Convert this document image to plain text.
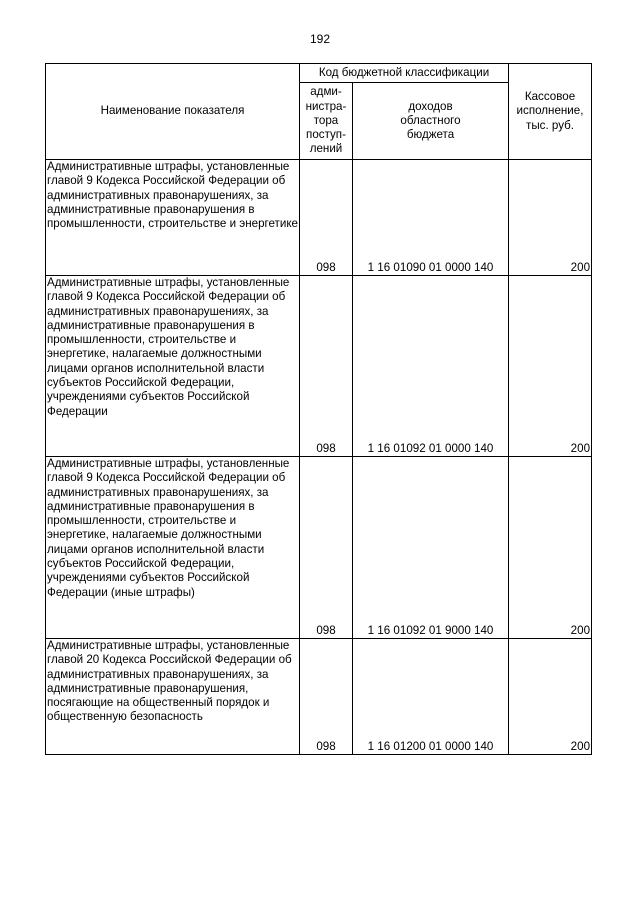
192
Наименование показателя	Код бюджетной классификации		Кассовое исполнение, тыс. руб.
	адми-нистра-тора поступ-лений	доходов областного бюджета	
Административные штрафы, установленные главой 9 Кодекса Российской Федерации об административных правонарушениях, за административные правонарушения в промышленности, строительстве и энергетике	098	1 16 01090 01 0000 140	200
Административные штрафы, установленные главой 9 Кодекса Российской Федерации об административных правонарушениях, за административные правонарушения в промышленности, строительстве и энергетике, налагаемые должностными лицами органов исполнительной власти субъектов Российской Федерации, учреждениями субъектов Российской Федерации	098	1 16 01092 01 0000 140	200
Административные штрафы, установленные главой 9 Кодекса Российской Федерации об административных правонарушениях, за административные правонарушения в промышленности, строительстве и энергетике, налагаемые должностными лицами органов исполнительной власти субъектов Российской Федерации, учреждениями субъектов Российской Федерации (иные штрафы)	098	1 16 01092 01 9000 140	200
Административные штрафы, установленные главой 20 Кодекса Российской Федерации об административных правонарушениях, за административные правонарушения, посягающие на общественный порядок и общественную безопасность	098	1 16 01200 01 0000 140	200
